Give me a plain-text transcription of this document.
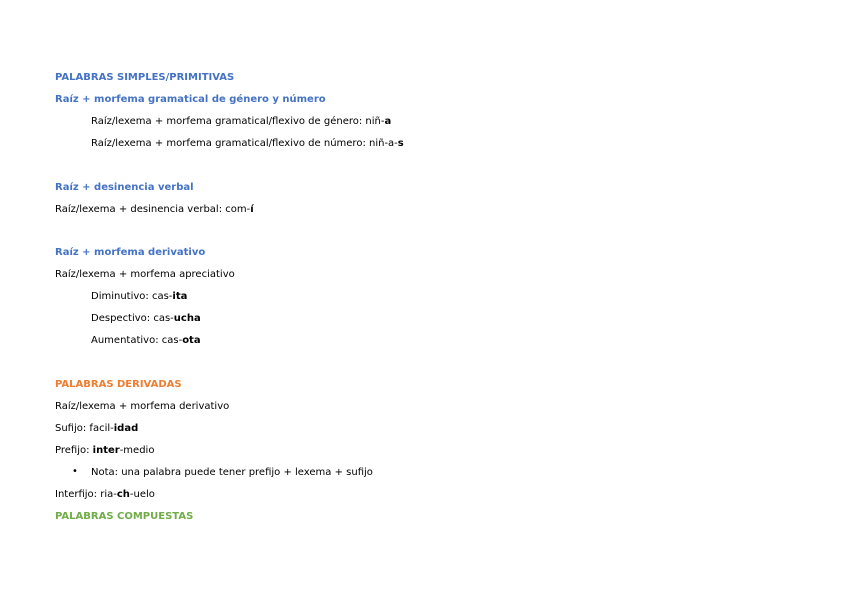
PALABRAS SIMPLES/PRIMITIVAS
Raíz + morfema gramatical de género y número
Raíz/lexema + morfema gramatical/flexivo de género: niñ-a
Raíz/lexema + morfema gramatical/flexivo de número: niñ-a-s
Raíz + desinencia verbal
Raíz/lexema + desinencia verbal: com-í
Raíz + morfema derivativo
Raíz/lexema + morfema apreciativo
Diminutivo: cas-ita
Despectivo: cas-ucha
Aumentativo: cas-ota
PALABRAS DERIVADAS
Raíz/lexema + morfema derivativo
Sufijo: facil-idad
Prefijo: inter-medio
• Nota: una palabra puede tener prefijo + lexema + sufijo
Interfijo: ria-ch-uelo
PALABRAS COMPUESTAS
